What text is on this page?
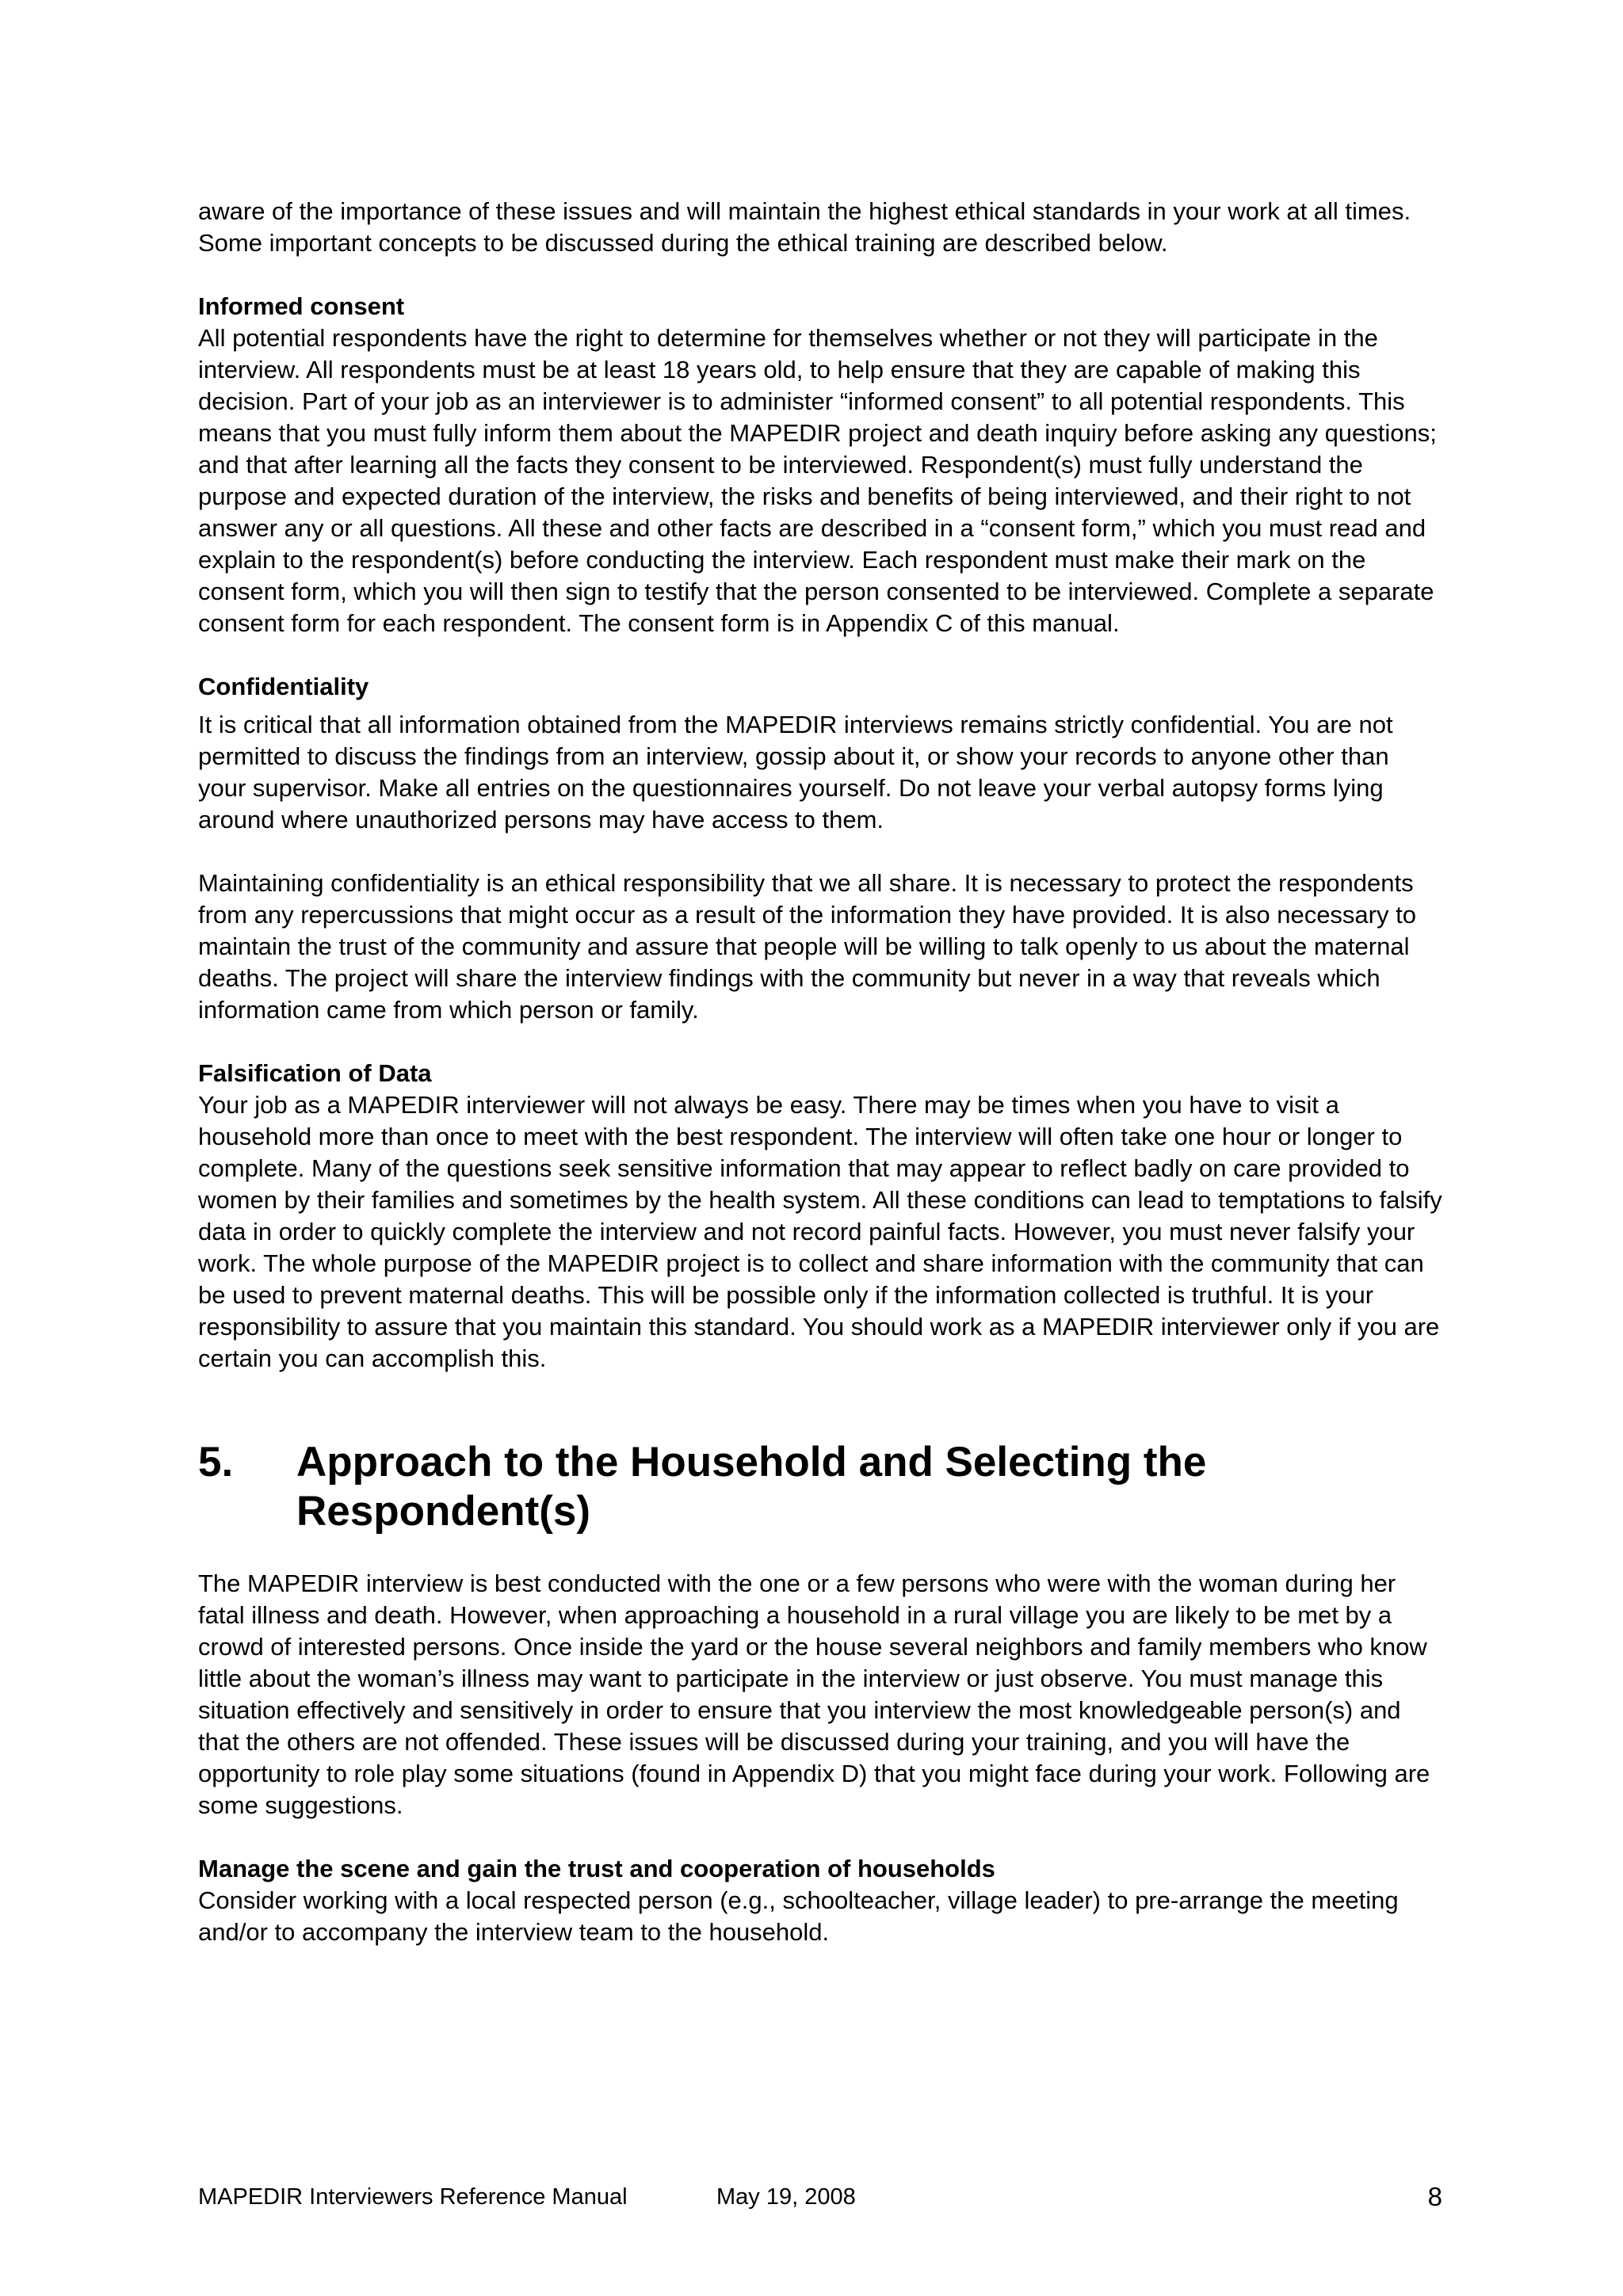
aware of the importance of these issues and will maintain the highest ethical standards in your work at all times. Some important concepts to be discussed during the ethical training are described below.

Informed consent

All potential respondents have the right to determine for themselves whether or not they will participate in the interview. All respondents must be at least 18 years old, to help ensure that they are capable of making this decision. Part of your job as an interviewer is to administer “informed consent” to all potential respondents. This means that you must fully inform them about the MAPEDIR project and death inquiry before asking any questions; and that after learning all the facts they consent to be interviewed. Respondent(s) must fully understand the purpose and expected duration of the interview, the risks and benefits of being interviewed, and their right to not answer any or all questions. All these and other facts are described in a “consent form,” which you must read and explain to the respondent(s) before conducting the interview. Each respondent must make their mark on the consent form, which you will then sign to testify that the person consented to be interviewed. Complete a separate consent form for each respondent. The consent form is in Appendix C of this manual.

Confidentiality

It is critical that all information obtained from the MAPEDIR interviews remains strictly confidential. You are not permitted to discuss the findings from an interview, gossip about it, or show your records to anyone other than your supervisor. Make all entries on the questionnaires yourself. Do not leave your verbal autopsy forms lying around where unauthorized persons may have access to them.

Maintaining confidentiality is an ethical responsibility that we all share. It is necessary to protect the respondents from any repercussions that might occur as a result of the information they have provided. It is also necessary to maintain the trust of the community and assure that people will be willing to talk openly to us about the maternal deaths. The project will share the interview findings with the community but never in a way that reveals which information came from which person or family.

Falsification of Data

Your job as a MAPEDIR interviewer will not always be easy. There may be times when you have to visit a household more than once to meet with the best respondent. The interview will often take one hour or longer to complete. Many of the questions seek sensitive information that may appear to reflect badly on care provided to women by their families and sometimes by the health system. All these conditions can lead to temptations to falsify data in order to quickly complete the interview and not record painful facts. However, you must never falsify your work. The whole purpose of the MAPEDIR project is to collect and share information with the community that can be used to prevent maternal deaths. This will be possible only if the information collected is truthful. It is your responsibility to assure that you maintain this standard. You should work as a MAPEDIR interviewer only if you are certain you can accomplish this.

5.	Approach to the Household and Selecting the Respondent(s)

The MAPEDIR interview is best conducted with the one or a few persons who were with the woman during her fatal illness and death. However, when approaching a household in a rural village you are likely to be met by a crowd of interested persons. Once inside the yard or the house several neighbors and family members who know little about the woman’s illness may want to participate in the interview or just observe. You must manage this situation effectively and sensitively in order to ensure that you interview the most knowledgeable person(s) and that the others are not offended. These issues will be discussed during your training, and you will have the opportunity to role play some situations (found in Appendix D) that you might face during your work. Following are some suggestions.

Manage the scene and gain the trust and cooperation of households

Consider working with a local respected person (e.g., schoolteacher, village leader) to pre-arrange the meeting and/or to accompany the interview team to the household.

MAPEDIR Interviewers Reference Manual	May 19, 2008	8
